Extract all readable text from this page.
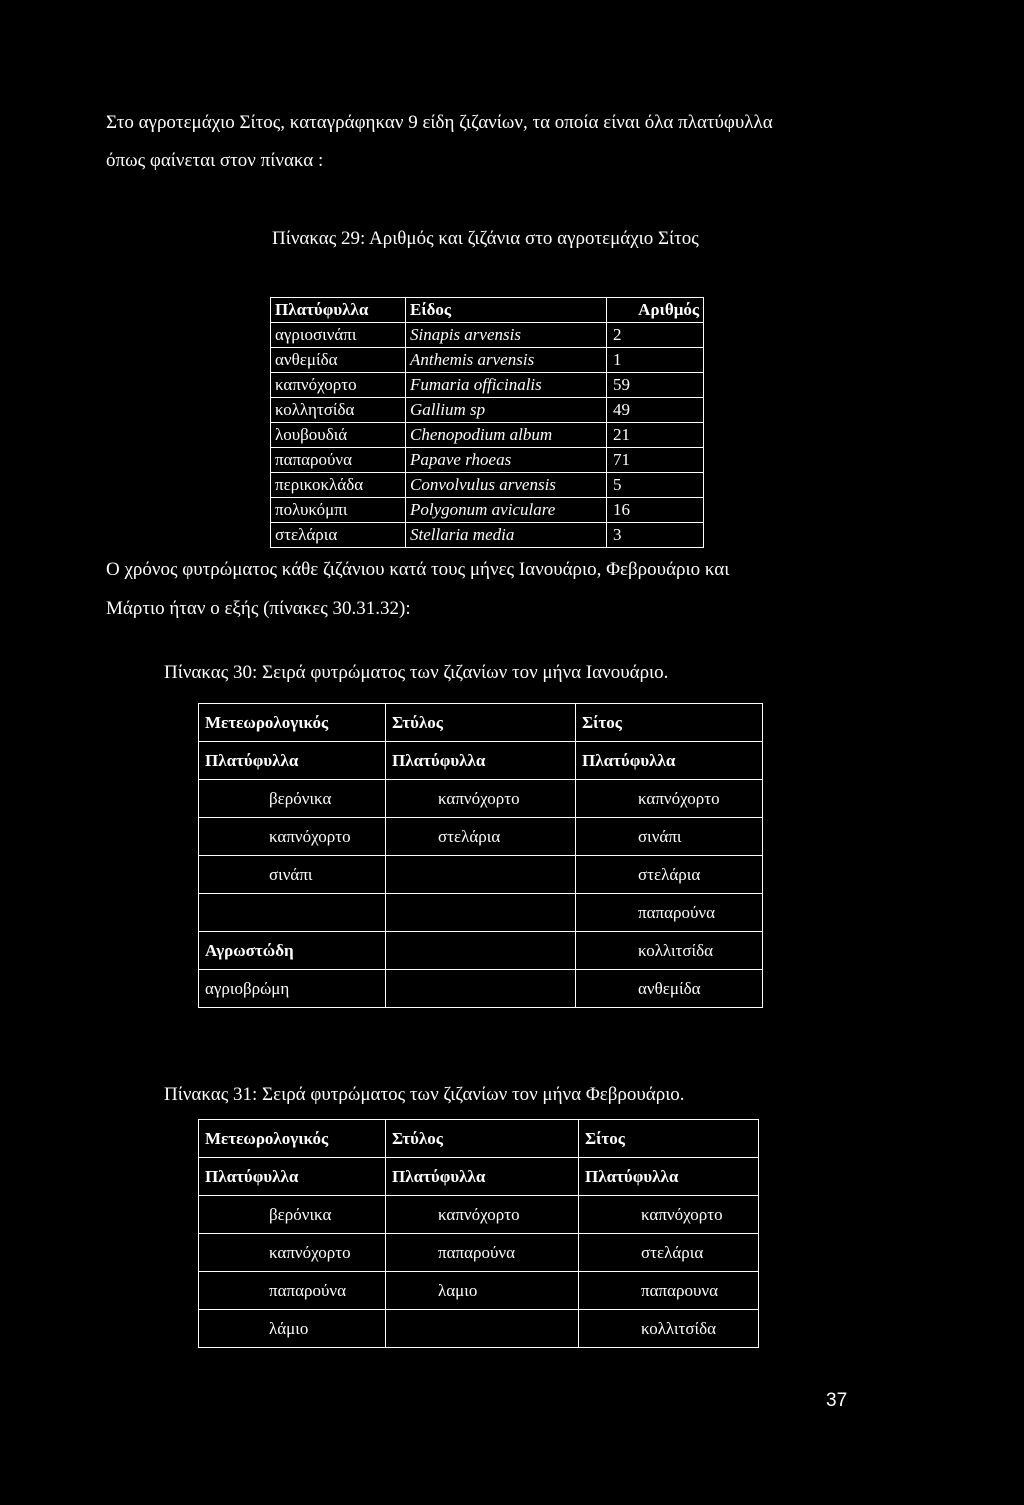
Στο αγροτεμάχιο Σίτος, καταγράφηκαν 9 είδη ζιζανίων, τα οποία είναι όλα πλατύφυλλα
όπως φαίνεται στον πίνακα :
Πίνακας 29: Αριθμός και ζιζάνια στο αγροτεμάχιο Σίτος
Πλατύφυλλα	Είδος	Αριθμός
αγριοσινάπι	Sinapis arvensis	2
ανθεμίδα	Anthemis arvensis	1
καπνόχορτο	Fumaria officinalis	59
κολλητσίδα	Gallium sp	49
λουβουδιά	Chenopodium album	21
παπαρούνα	Papave rhoeas	71
περικοκλάδα	Convolvulus arvensis	5
πολυκόμπι	Polygonum aviculare	16
στελάρια	Stellaria media	3
Ο χρόνος φυτρώματος κάθε ζιζάνιου κατά τους μήνες Ιανουάριο, Φεβρουάριο και
Μάρτιο ήταν ο εξής (πίνακες 30.31.32):
Πίνακας 30: Σειρά φυτρώματος των ζιζανίων τον μήνα Ιανουάριο.
Μετεωρολογικός	Στύλος	Σίτος
Πλατύφυλλα	Πλατύφυλλα	Πλατύφυλλα
βερόνικα	καπνόχορτο	καπνόχορτο
καπνόχορτο	στελάρια	σινάπι
σινάπι		στελάρια
		παπαρούνα
Αγρωστώδη		κολλιτσίδα
αγριοβρώμη		ανθεμίδα
Πίνακας 31: Σειρά φυτρώματος των ζιζανίων τον μήνα Φεβρουάριο.
Μετεωρολογικός	Στύλος	Σίτος
Πλατύφυλλα	Πλατύφυλλα	Πλατύφυλλα
βερόνικα	καπνόχορτο	καπνόχορτο
καπνόχορτο	παπαρούνα	στελάρια
παπαρούνα	λαμιο	παπαρουνα
λάμιο		κολλιτσίδα
37
